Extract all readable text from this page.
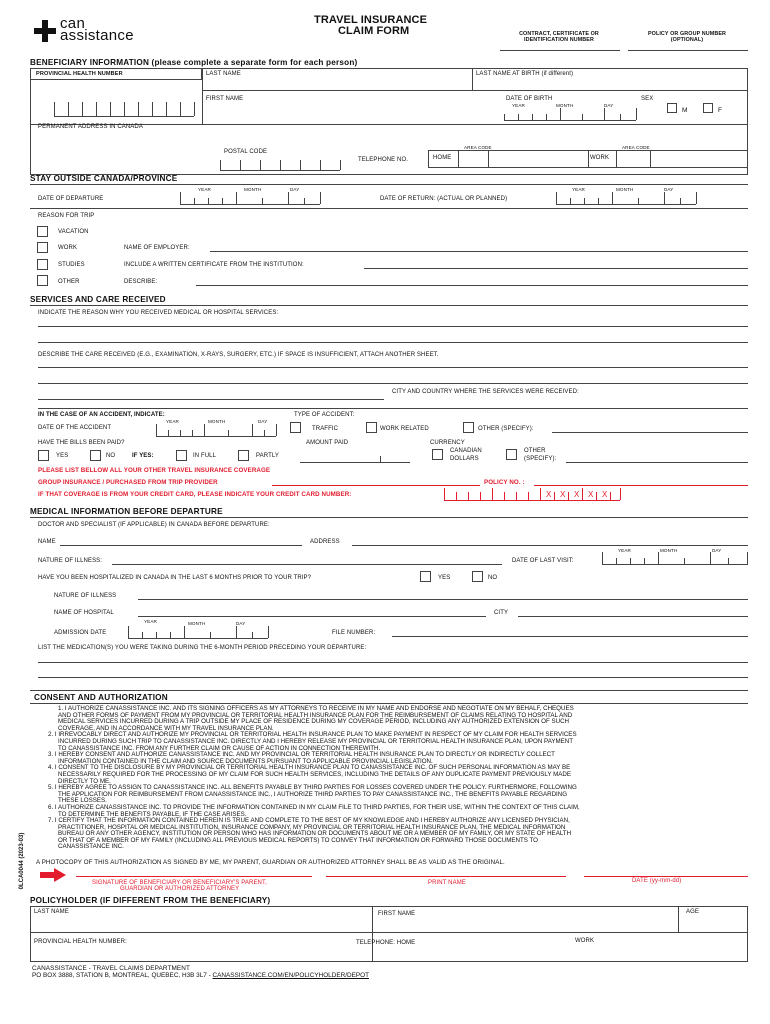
can
assistance
TRAVEL INSURANCE
CLAIM FORM	CONTRACT, CERTIFICATE OR IDENTIFICATION NUMBER
POLICY OR GROUP NUMBER (OPTIONAL)
BENEFICIARY INFORMATION (please complete a separate form for each person)
PROVINCIAL HEALTH NUMBER	LAST NAME	LAST NAME AT BIRTH (if different)
FIRST NAME	DATE OF BIRTH
YEAR	MONTH	DAY
SEX
M	F
PERMANENT ADDRESS IN CANADA
POSTAL CODE
TELEPHONE NO.
AREA CODE
HOME
AREA CODE
WORK
STAY OUTSIDE CANADA/PROVINCE
YEAR	MONTH	DAY
DATE OF DEPARTURE	DATE OF RETURN: (ACTUAL OR PLANNED)
YEAR	MONTH	DAY
REASON FOR TRIP
VACATION
WORK	NAME OF EMPLOYER:
STUDIES	INCLUDE A WRITTEN CERTIFICATE FROM THE INSTITUTION:
OTHER	DESCRIBE:
SERVICES AND CARE RECEIVED
INDICATE THE REASON WHY YOU RECEIVED MEDICAL OR HOSPITAL SERVICES:
DESCRIBE THE CARE RECEIVED (E.G., EXAMINATION, X-RAYS, SURGERY, ETC.) IF SPACE IS INSUFFICIENT, ATTACH ANOTHER SHEET.
CITY AND COUNTRY WHERE THE SERVICES WERE RECEIVED:
IN THE CASE OF AN ACCIDENT, INDICATE:
DATE OF THE ACCIDENT
YEAR	MONTH	DAY
TYPE OF ACCIDENT:
TRAFFIC	WORK RELATED	OTHER (SPECIFY):
HAVE THE BILLS BEEN PAID?	AMOUNT PAID	CURRENCY
YES	NO	IF YES:	IN FULL	PARTLY
CANADIAN
DOLLARS
OTHER
(SPECIFY):
PLEASE LIST BELLOW ALL YOUR OTHER TRAVEL INSURANCE COVERAGE
GROUP INSURANCE / PURCHASED FROM TRIP PROVIDER	POLICY NO. :
IF THAT COVERAGE IS FROM YOUR CREDIT CARD, PLEASE INDICATE YOUR CREDIT CARD NUMBER:	X X X X X
MEDICAL INFORMATION BEFORE DEPARTURE
DOCTOR AND SPECIALIST (IF APPLICABLE) IN CANADA BEFORE DEPARTURE:
NAME	ADDRESS
NATURE OF ILLNESS:	DATE OF LAST VISIT:
YEAR	MONTH	DAY
HAVE YOU BEEN HOSPITALIZED IN CANADA IN THE LAST 6 MONTHS PRIOR TO YOUR TRIP?	YES	NO
NATURE OF ILLNESS
NAME OF HOSPITAL	CITY
YEAR	MONTH	DAY
ADMISSION DATE	FILE NUMBER:
LIST THE MEDICATION(S) YOU WERE TAKING DURING THE 6-MONTH PERIOD PRECEDING YOUR DEPARTURE:
CONSENT AND AUTHORIZATION
1. I AUTHORIZE CANASSISTANCE INC. AND ITS SIGNING OFFICERS AS MY ATTORNEYS TO RECEIVE IN MY NAME AND ENDORSE AND NEGOTIATE ON MY BEHALF, CHEQUES
AND OTHER FORMS OF PAYMENT FROM MY PROVINCIAL OR TERRITORIAL HEALTH INSURANCE PLAN FOR THE REIMBURSEMENT OF CLAIMS RELATING TO HOSPITAL AND
MEDICAL SERVICES INCURRED DURING A TRIP OUTSIDE MY PLACE OF RESIDENCE DURING MY COVERAGE PERIOD, INCLUDING ANY AUTHORIZED EXTENSION OF SUCH
COVERAGE, AND IN ACCORDANCE WITH MY TRAVEL INSURANCE PLAN.
2. I IRREVOCABLY DIRECT AND AUTHORIZE MY PROVINCIAL OR TERRITORIAL HEALTH INSURANCE PLAN TO MAKE PAYMENT IN RESPECT OF MY CLAIM FOR HEALTH SERVICES
INCURRED DURING SUCH TRIP TO CANASSISTANCE INC. DIRECTLY AND I HEREBY RELEASE MY PROVINCIAL OR TERRITORIAL HEALTH INSURANCE PLAN, UPON PAYMENT
TO CANASSISTANCE INC. FROM ANY FURTHER CLAIM OR CAUSE OF ACTION IN CONNECTION THEREWITH.
3. I HEREBY CONSENT AND AUTHORIZE CANASSISTANCE INC. AND MY PROVINCIAL OR TERRITORIAL HEALTH INSURANCE PLAN TO DIRECTLY OR INDIRECTLY COLLECT
INFORMATION CONTAINED IN THE CLAIM AND SOURCE DOCUMENTS PURSUANT TO APPLICABLE PROVINCIAL LEGISLATION.
4. I CONSENT TO THE DISCLOSURE BY MY PROVINCIAL OR TERRITORIAL HEALTH INSURANCE PLAN TO CANASSISTANCE INC. OF SUCH PERSONAL INFORMATION AS MAY BE
NECESSARILY REQUIRED FOR THE PROCESSING OF MY CLAIM FOR SUCH HEALTH SERVICES, INCLUDING THE DETAILS OF ANY DUPLICATE PAYMENT PREVIOUSLY MADE
DIRECTLY TO ME.
5. I HEREBY AGREE TO ASSIGN TO CANASSISTANCE INC. ALL BENEFITS PAYABLE BY THIRD PARTIES FOR LOSSES COVERED UNDER THE POLICY. FURTHERMORE, FOLLOWING
THE APPLICATION FOR REIMBURSEMENT FROM CANASSISTANCE INC., I AUTHORIZE THIRD PARTIES TO PAY CANASSISTANCE INC., THE BENEFITS PAYABLE REGARDING
THESE LOSSES.
6. I AUTHORIZE CANASSISTANCE INC. TO PROVIDE THE INFORMATION CONTAINED IN MY CLAIM FILE TO THIRD PARTIES, FOR THEIR USE, WITHIN THE CONTEXT OF THIS CLAIM,
TO DETERMINE THE BENEFITS PAYABLE, IF THE CASE ARISES.
7. I CERTIFY THAT THE INFORMATION CONTAINED HEREIN IS TRUE AND COMPLETE TO THE BEST OF MY KNOWLEDGE AND I HEREBY AUTHORIZE ANY LICENSED PHYSICIAN,
PRACTITIONER, HOSPITAL OR MEDICAL INSTITUTION, INSURANCE COMPANY, MY PROVINCIAL OR TERRITORIAL HEALTH INSURANCE PLAN, THE MEDICAL INFORMATION
BUREAU OR ANY OTHER AGENCY, INSTITUTION OR PERSON WHO HAS INFORMATION OR DOCUMENTS ABOUT ME OR A MEMBER OF MY FAMILY, OR MY STATE OF HEALTH
OR THAT OF A MEMBER OF MY FAMILY (INCLUDING ALL PREVIOUS MEDICAL REPORTS) TO CONVEY THAT INFORMATION OR FORWARD THOSE DOCUMENTS TO
CANASSISTANCE INC.
A PHOTOCOPY OF THIS AUTHORIZATION AS SIGNED BY ME, MY PARENT, GUARDIAN OR AUTHORIZED ATTORNEY SHALL BE AS VALID AS THE ORIGINAL.
SIGNATURE OF BENEFICIARY OR BENEFICIARY'S PARENT,
GUARDIAN OR AUTHORIZED ATTORNEY
PRINT NAME	DATE (yy-mm-dd)
0LCA0044 (2023-03)
POLICYHOLDER (IF DIFFERENT FROM THE BENEFICIARY)
LAST NAME	FIRST NAME	AGE
PROVINCIAL HEALTH NUMBER:	TELEPHONE: HOME	WORK
CANASSISTANCE - TRAVEL CLAIMS DEPARTMENT
PO BOX 3888, STATION B, MONTREAL, QUEBEC, H3B 3L7 - CANASSISTANCE.COM/EN/POLICYHOLDER/DEPOT
